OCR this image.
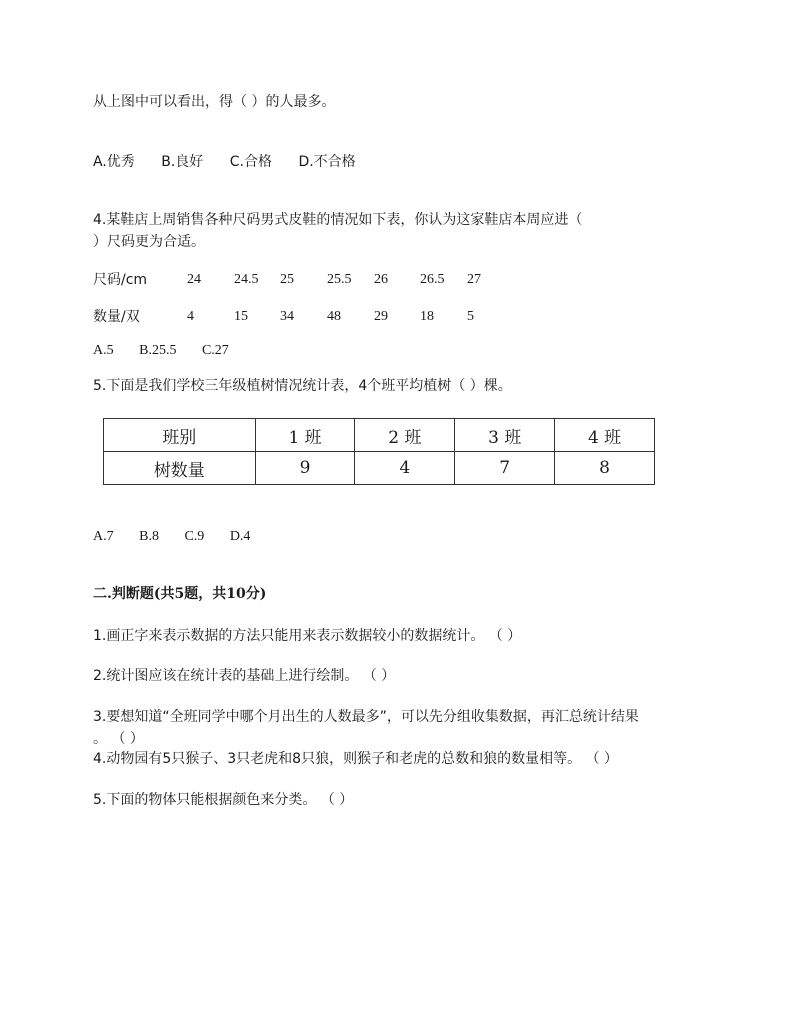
从上图中可以看出，得（ ）的人最多。
A.优秀 B.良好 C.合格 D.不合格
4.某鞋店上周销售各种尺码男式皮鞋的情况如下表，你认为这家鞋店本周应进（
）尺码更为合适。
尺码/cm	24 24.5 25 25.5 26 26.5 27
数量/双	4	15 34 48 29 18 5
A.5 B.25.5 C.27
5.下面是我们学校三年级植树情况统计表，4个班平均植树（ ）棵。
班别	1 班	2 班	3 班	4 班
树数量	9	4	7	8
A.7 B.8 C.9 D.4
二.判断题(共5题，共10分)
1.画正字来表示数据的方法只能用来表示数据较小的数据统计。 （ ）
2.统计图应该在统计表的基础上进行绘制。 （ ）
3.要想知道“全班同学中哪个月出生的人数最多”，可以先分组收集数据，再汇总统计结果
。 （ ）
4.动物园有5只猴子、3只老虎和8只狼，则猴子和老虎的总数和狼的数量相等。 （ ）
5.下面的物体只能根据颜色来分类。 （ ）
